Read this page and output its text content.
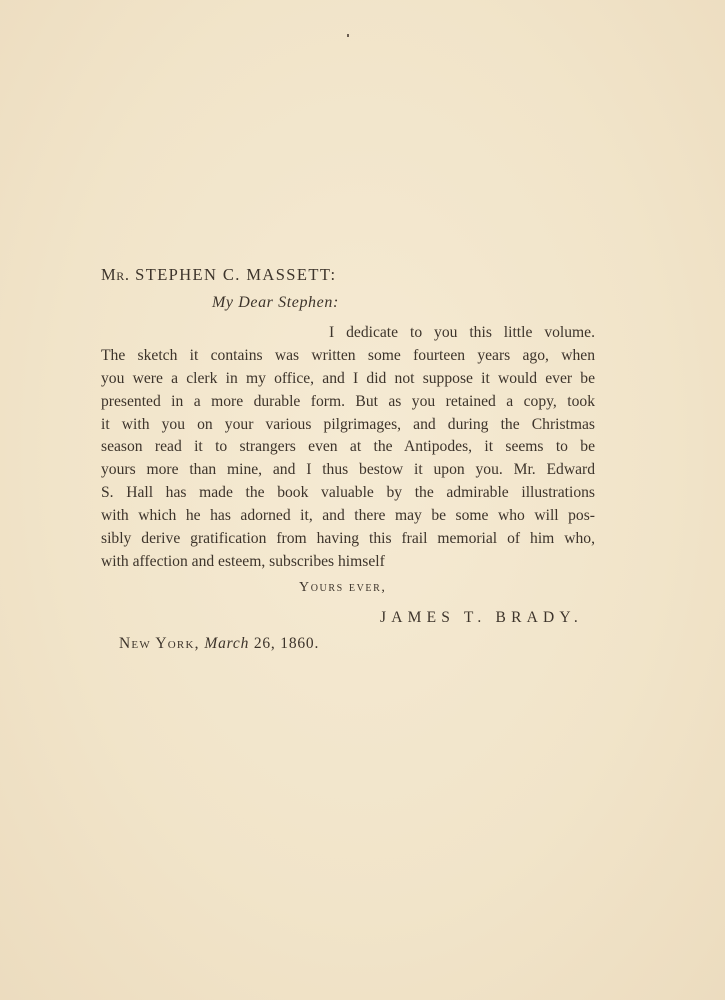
Mr. STEPHEN C. MASSETT:
My Dear Stephen:
I dedicate to you this little volume.
The sketch it contains was written some fourteen years ago, when
you were a clerk in my office, and I did not suppose it would ever be
presented in a more durable form. But as you retained a copy, took
it with you on your various pilgrimages, and during the Christmas
season read it to strangers even at the Antipodes, it seems to be
yours more than mine, and I thus bestow it upon you. Mr. Edward
S. Hall has made the book valuable by the admirable illustrations
with which he has adorned it, and there may be some who will pos-
sibly derive gratification from having this frail memorial of him who,
with affection and esteem, subscribes himself
Yours ever,
JAMES T. BRADY.
New York, March 26, 1860.
